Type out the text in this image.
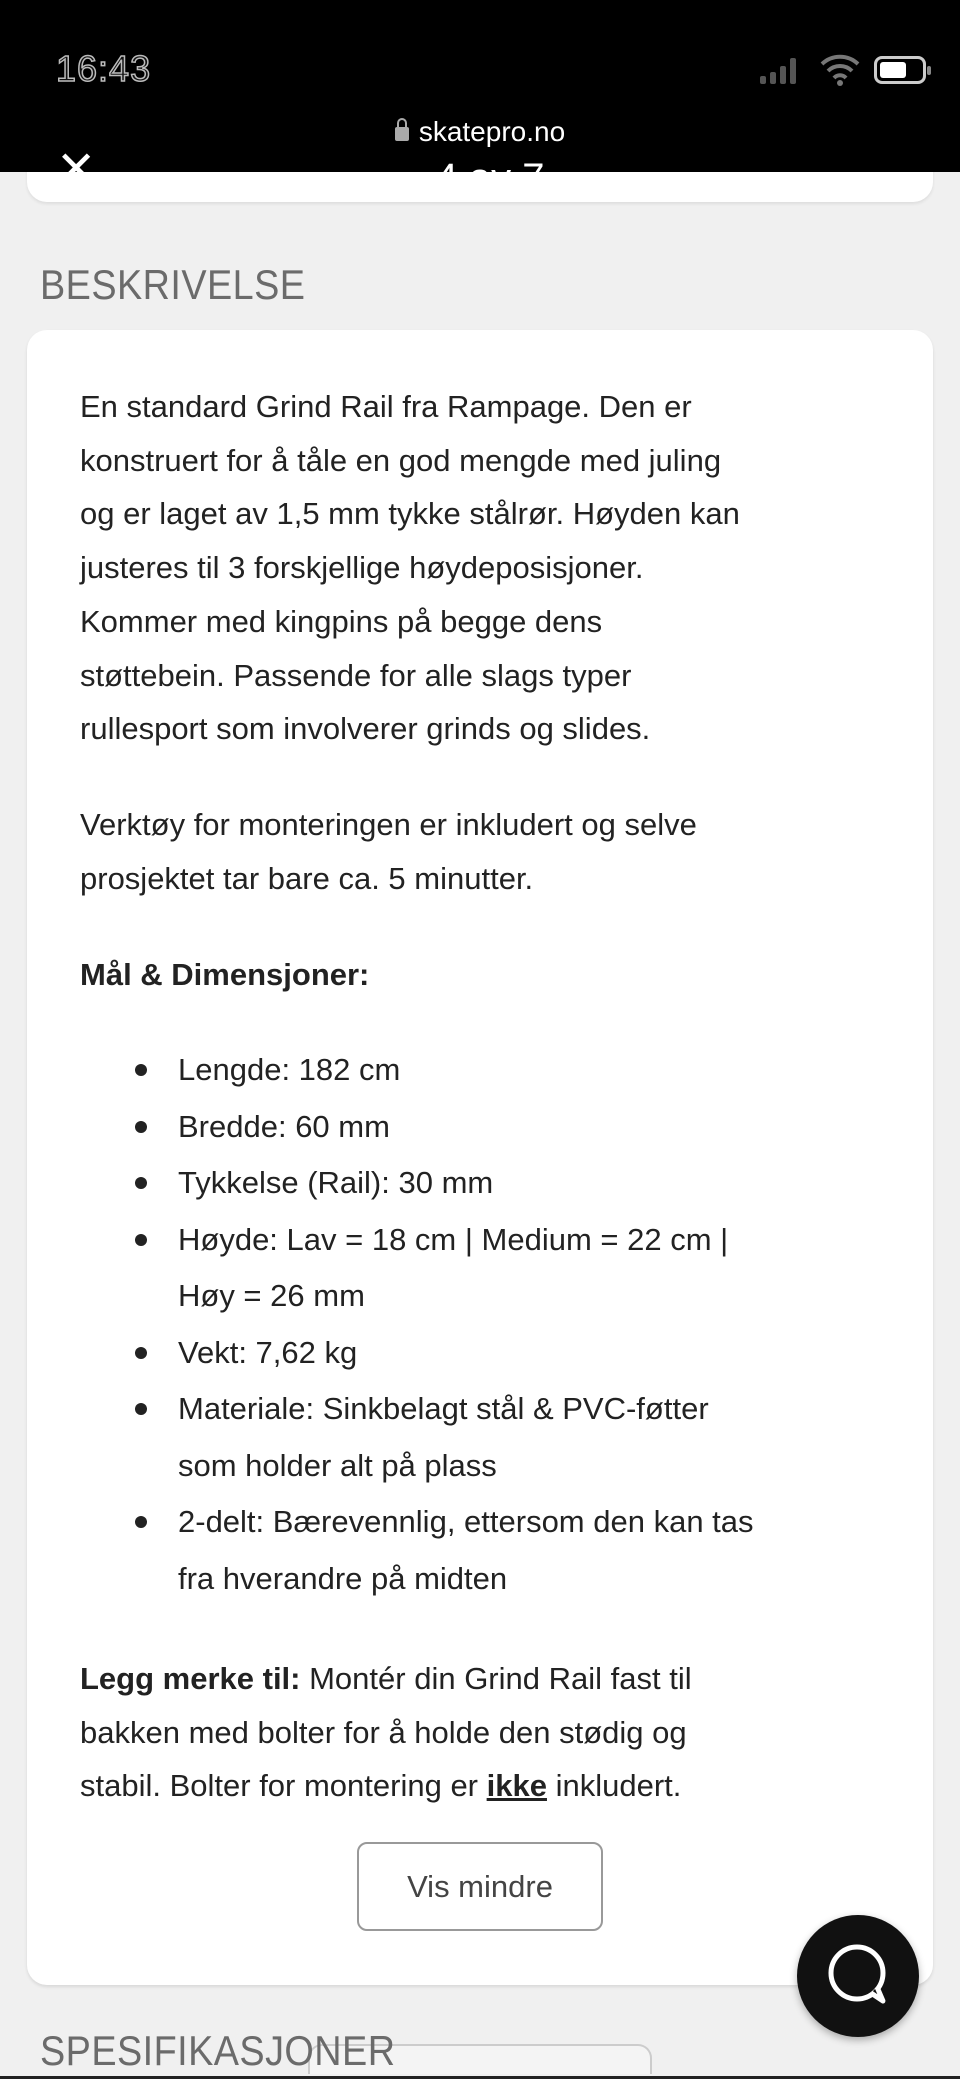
16:43
skatepro.no
✕
BESKRIVELSE
En standard Grind Rail fra Rampage. Den er
konstruert for å tåle en god mengde med juling
og er laget av 1,5 mm tykke stålrør. Høyden kan
justeres til 3 forskjellige høydeposisjoner.
Kommer med kingpins på begge dens
støttebein. Passende for alle slags typer
rullesport som involverer grinds og slides.
Verktøy for monteringen er inkludert og selve
prosjektet tar bare ca. 5 minutter.
Mål & Dimensjoner:
Lengde: 182 cm
Bredde: 60 mm
Tykkelse (Rail): 30 mm
Høyde: Lav = 18 cm | Medium = 22 cm |
Høy = 26 mm
Vekt: 7,62 kg
Materiale: Sinkbelagt stål & PVC-føtter
som holder alt på plass
2-delt: Bærevennlig, ettersom den kan tas
fra hverandre på midten
Legg merke til: Montér din Grind Rail fast til
bakken med bolter for å holde den stødig og
stabil. Bolter for montering er ikke inkludert.
Vis mindre
SPESIFIKASJONER
